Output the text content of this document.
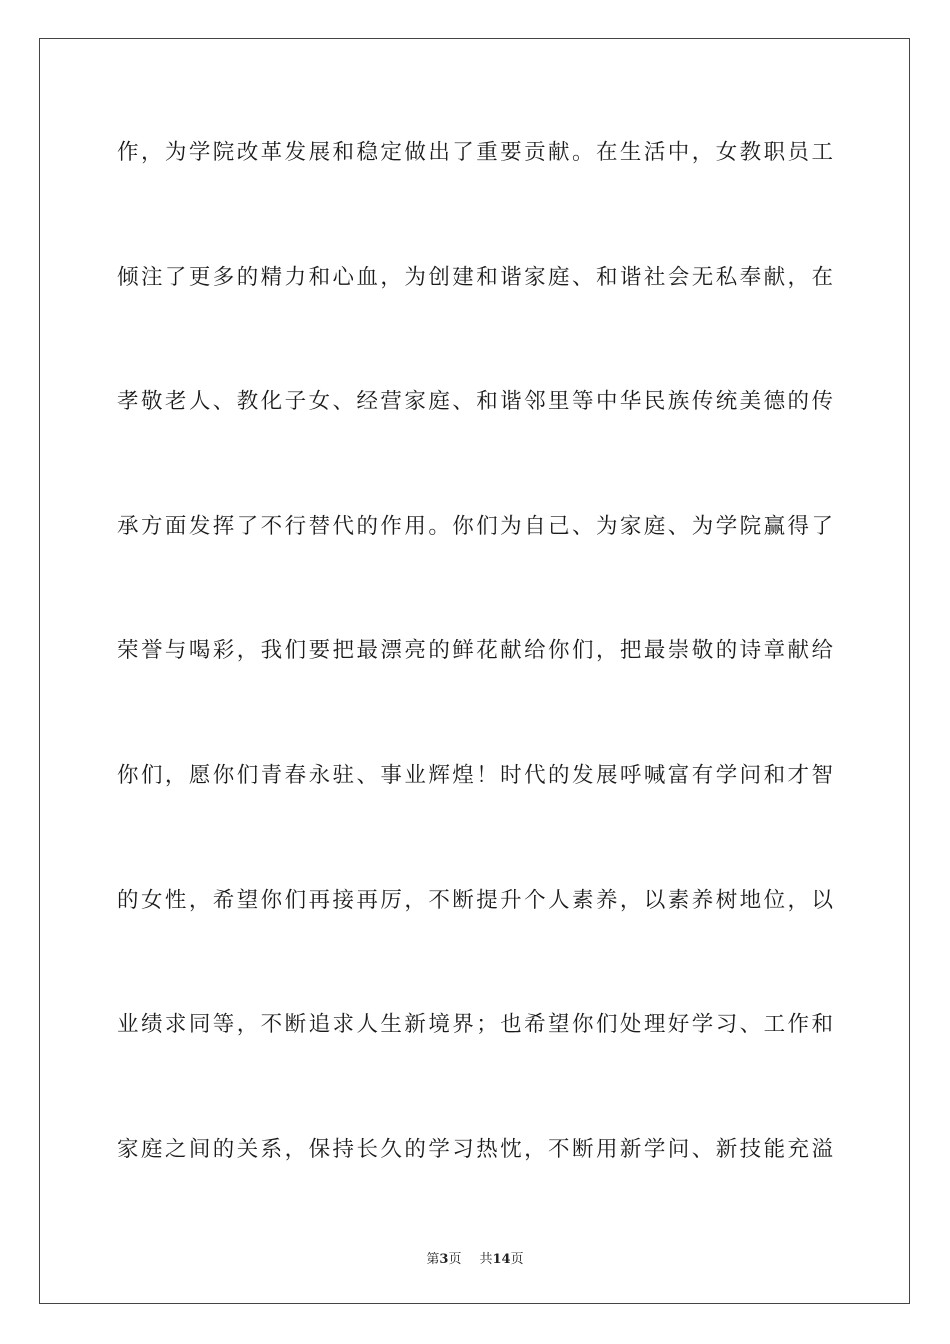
作，为学院改革发展和稳定做出了重要贡献。在生活中，女教职员工
倾注了更多的精力和心血，为创建和谐家庭、和谐社会无私奉献，在
孝敬老人、教化子女、经营家庭、和谐邻里等中华民族传统美德的传
承方面发挥了不行替代的作用。你们为自己、为家庭、为学院赢得了
荣誉与喝彩，我们要把最漂亮的鲜花献给你们，把最崇敬的诗章献给
你们，愿你们青春永驻、事业辉煌！时代的发展呼喊富有学问和才智
的女性，希望你们再接再厉，不断提升个人素养，以素养树地位，以
业绩求同等，不断追求人生新境界；也希望你们处理好学习、工作和
家庭之间的关系，保持长久的学习热忱，不断用新学问、新技能充溢
第3页 共14页
